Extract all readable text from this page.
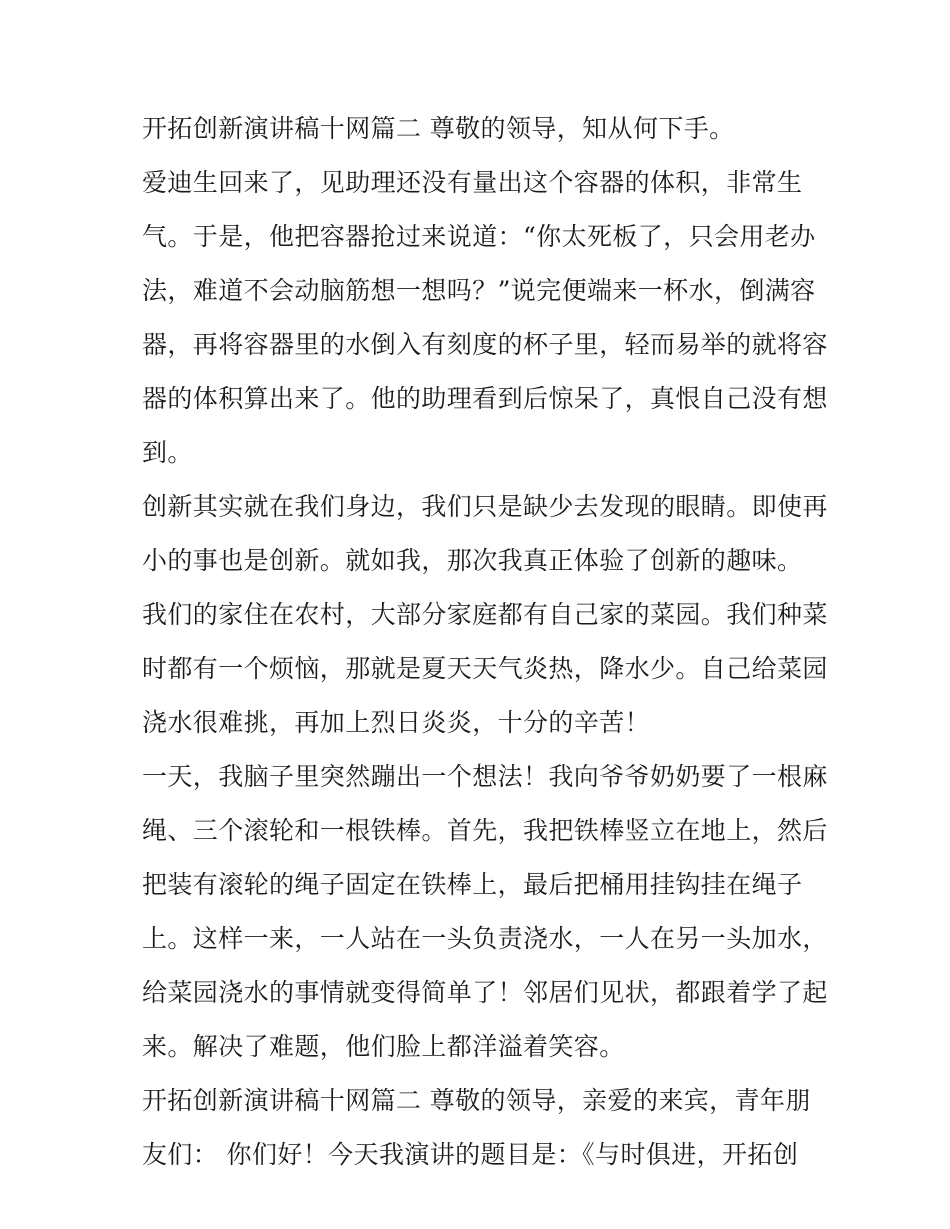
开拓创新演讲稿十网篇二 尊敬的领导，知从何下手。
爱迪生回来了，见助理还没有量出这个容器的体积，非常生
气。于是，他把容器抢过来说道：“你太死板了，只会用老办
法，难道不会动脑筋想一想吗？”说完便端来一杯水，倒满容
器，再将容器里的水倒入有刻度的杯子里，轻而易举的就将容
器的体积算出来了。他的助理看到后惊呆了，真恨自己没有想
到。
创新其实就在我们身边，我们只是缺少去发现的眼睛。即使再
小的事也是创新。就如我，那次我真正体验了创新的趣味。
我们的家住在农村，大部分家庭都有自己家的菜园。我们种菜
时都有一个烦恼，那就是夏天天气炎热，降水少。自己给菜园
浇水很难挑，再加上烈日炎炎，十分的辛苦！
一天，我脑子里突然蹦出一个想法！我向爷爷奶奶要了一根麻
绳、三个滚轮和一根铁棒。首先，我把铁棒竖立在地上，然后
把装有滚轮的绳子固定在铁棒上，最后把桶用挂钩挂在绳子
上。这样一来，一人站在一头负责浇水，一人在另一头加水，
给菜园浇水的事情就变得简单了！邻居们见状，都跟着学了起
来。解决了难题，他们脸上都洋溢着笑容。
开拓创新演讲稿十网篇二 尊敬的领导，亲爱的来宾，青年朋
友们： 你们好！今天我演讲的题目是：《与时俱进，开拓创
